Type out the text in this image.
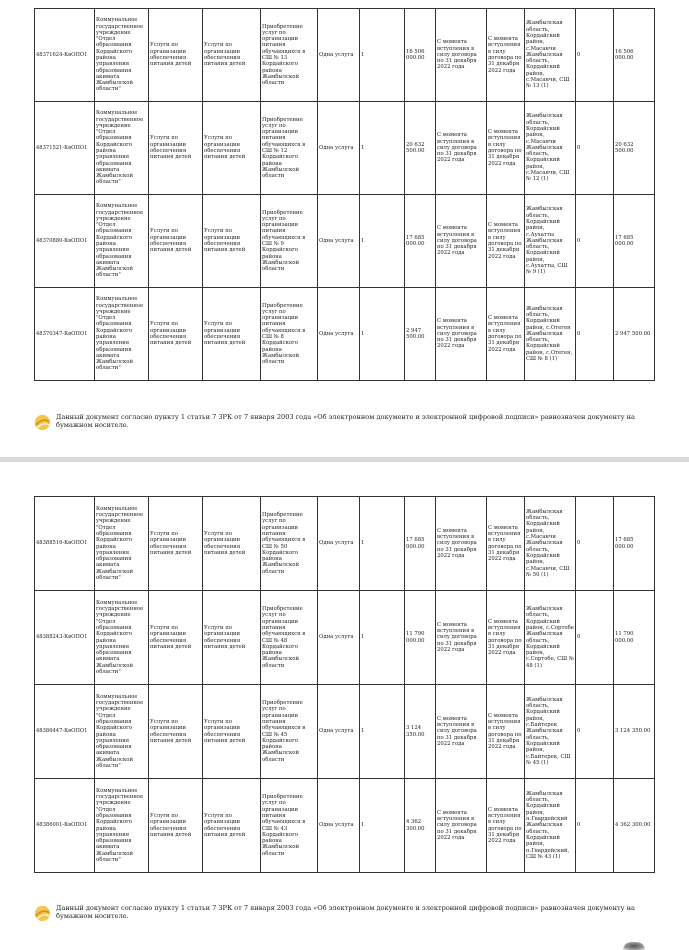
48371624-КвОПО1	Коммунальное государственное учреждение "Отдел образования Кордайского района управления образования акимата Жамбылской области"	Услуги по организации обеспечения питания детей	Услуги по организации обеспечения питания детей	Приобретение услуг по организации питания обучающихся в СШ № 13 Кордайского района Жамбылской области	Одна услуга	1	16 506 000.00	С момента вступления в силу договора по 31 декабря 2022 года	С момента вступления в силу договора по 31 декабря 2022 года	Жамбылская область, Кордайский район, с.Масанчи Жамбылская область, Кордайский район, с.Масанчи, СШ № 13 (1)	0	16 506 000.00
48371521-КвОПО1	Коммунальное государственное учреждение "Отдел образования Кордайского района управления образования акимата Жамбылской области"	Услуги по организации обеспечения питания детей	Услуги по организации обеспечения питания детей	Приобретение услуг по организации питания обучающихся в СШ № 12 Кордайского района Жамбылской области	Одна услуга	1	20 632 500.00	С момента вступления в силу договора по 31 декабря 2022 года	С момента вступления в силу договора по 31 декабря 2022 года	Жамбылская область, Кордайский район, с.Масанчи Жамбылская область, Кордайский район, с.Масанчи, СШ № 12 (1)	0	20 632 500.00
48370880-КвОПО1	Коммунальное государственное учреждение "Отдел образования Кордайского района управления образования акимата Жамбылской области"	Услуги по организации обеспечения питания детей	Услуги по организации обеспечения питания детей	Приобретение услуг по организации питания обучающихся в СШ № 9 Кордайского района Жамбылской области	Одна услуга	1	17 685 000.00	С момента вступления в силу договора по 31 декабря 2022 года	С момента вступления в силу договора по 31 декабря 2022 года	Жамбылская область, Кордайский район, с.Аухатты Жамбылская область, Кордайский район, с.Аухатты, СШ № 9 (1)	0	17 685 000.00
48370347-КвОПО1	Коммунальное государственное учреждение "Отдел образования Кордайского района управления образования акимата Жамбылской области"	Услуги по организации обеспечения питания детей	Услуги по организации обеспечения питания детей	Приобретение услуг по организации питания обучающихся в СШ № 8 Кордайского района Жамбылской области	Одна услуга	1	2 947 500.00	С момента вступления в силу договора по 31 декабря 2022 года	С момента вступления в силу договора по 31 декабря 2022 года	Жамбылская область, Кордайский район, с.Отеген Жамбылская область, Кордайский район, с.Отеген, СШ № 8 (1)	0	2 947 500.00
Данный документ согласно пункту 1 статьи 7 ЗРК от 7 января 2003 года «Об электронном документе и электронной цифровой подписи» равнозначен документу на бумажном носителе.
48388516-КвОПО1	Коммунальное государственное учреждение "Отдел образования Кордайского района управления образования акимата Жамбылской области"	Услуги по организации обеспечения питания детей	Услуги по организации обеспечения питания детей	Приобретение услуг по организации питания обучающихся в СШ № 50 Кордайского района Жамбылской области	Одна услуга	1	17 685 000.00	С момента вступления в силу договора по 31 декабря 2022 года	С момента вступления в силу договора по 31 декабря 2022 года	Жамбылская область, Кордайский район, с.Масанчи Жамбылская область, Кордайский район, с.Масанчи, СШ № 50 (1)	0	17 685 000.00
48388243-КвОПО1	Коммунальное государственное учреждение "Отдел образования Кордайского района управления образования акимата Жамбылской области"	Услуги по организации обеспечения питания детей	Услуги по организации обеспечения питания детей	Приобретение услуг по организации питания обучающихся в СШ № 48 Кордайского района Жамбылской области	Одна услуга	1	11 790 000.00	С момента вступления в силу договора по 31 декабря 2022 года	С момента вступления в силу договора по 31 декабря 2022 года	Жамбылская область, Кордайский район, с.Сортобе Жамбылская область, Кордайский район, с.Сортобе, СШ № 48 (1)	0	11 790 000.00
48386447-КвОПО1	Коммунальное государственное учреждение "Отдел образования Кордайского района управления образования акимата Жамбылской области"	Услуги по организации обеспечения питания детей	Услуги по организации обеспечения питания детей	Приобретение услуг по организации питания обучающихся в СШ № 45 Кордайского района Жамбылской области	Одна услуга	1	3 124 350.00	С момента вступления в силу договора по 31 декабря 2022 года	С момента вступления в силу договора по 31 декабря 2022 года	Жамбылская область, Кордайский район, с.Байтерек Жамбылская область, Кордайский район, с.Байтерек, СШ № 45 (1)	0	3 124 350.00
48386001-КвОПО1	Коммунальное государственное учреждение "Отдел образования Кордайского района управления образования акимата Жамбылской области"	Услуги по организации обеспечения питания детей	Услуги по организации обеспечения питания детей	Приобретение услуг по организации питания обучающихся в СШ № 43 Кордайского района Жамбылской области	Одна услуга	1	4 362 300.00	С момента вступления в силу договора по 31 декабря 2022 года	С момента вступления в силу договора по 31 декабря 2022 года	Жамбылская область, Кордайский район, п.Гвардейский Жамбылская область, Кордайский район, п.Гвардейский, СШ № 43 (1)	0	4 362 300.00
Данный документ согласно пункту 1 статьи 7 ЗРК от 7 января 2003 года «Об электронном документе и электронной цифровой подписи» равнозначен документу на бумажном носителе.
